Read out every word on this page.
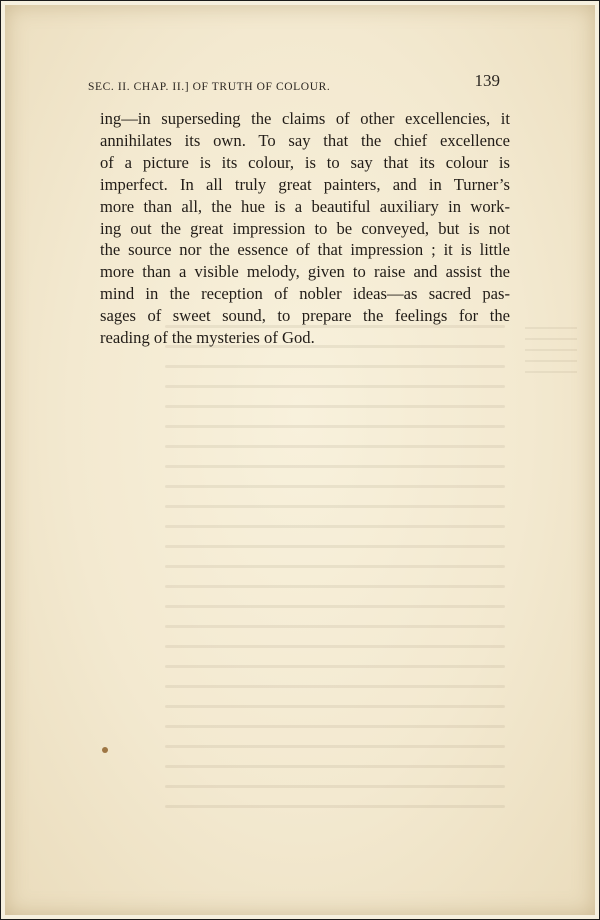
SEC. II. CHAP. II.] OF TRUTH OF COLOUR.	139
ing—in superseding the claims of other excellencies, it
annihilates its own. To say that the chief excellence
of a picture is its colour, is to say that its colour is
imperfect. In all truly great painters, and in Turner’s
more than all, the hue is a beautiful auxiliary in work-
ing out the great impression to be conveyed, but is not
the source nor the essence of that impression ; it is little
more than a visible melody, given to raise and assist the
mind in the reception of nobler ideas—as sacred pas-
sages of sweet sound, to prepare the feelings for the
reading of the mysteries of God.
